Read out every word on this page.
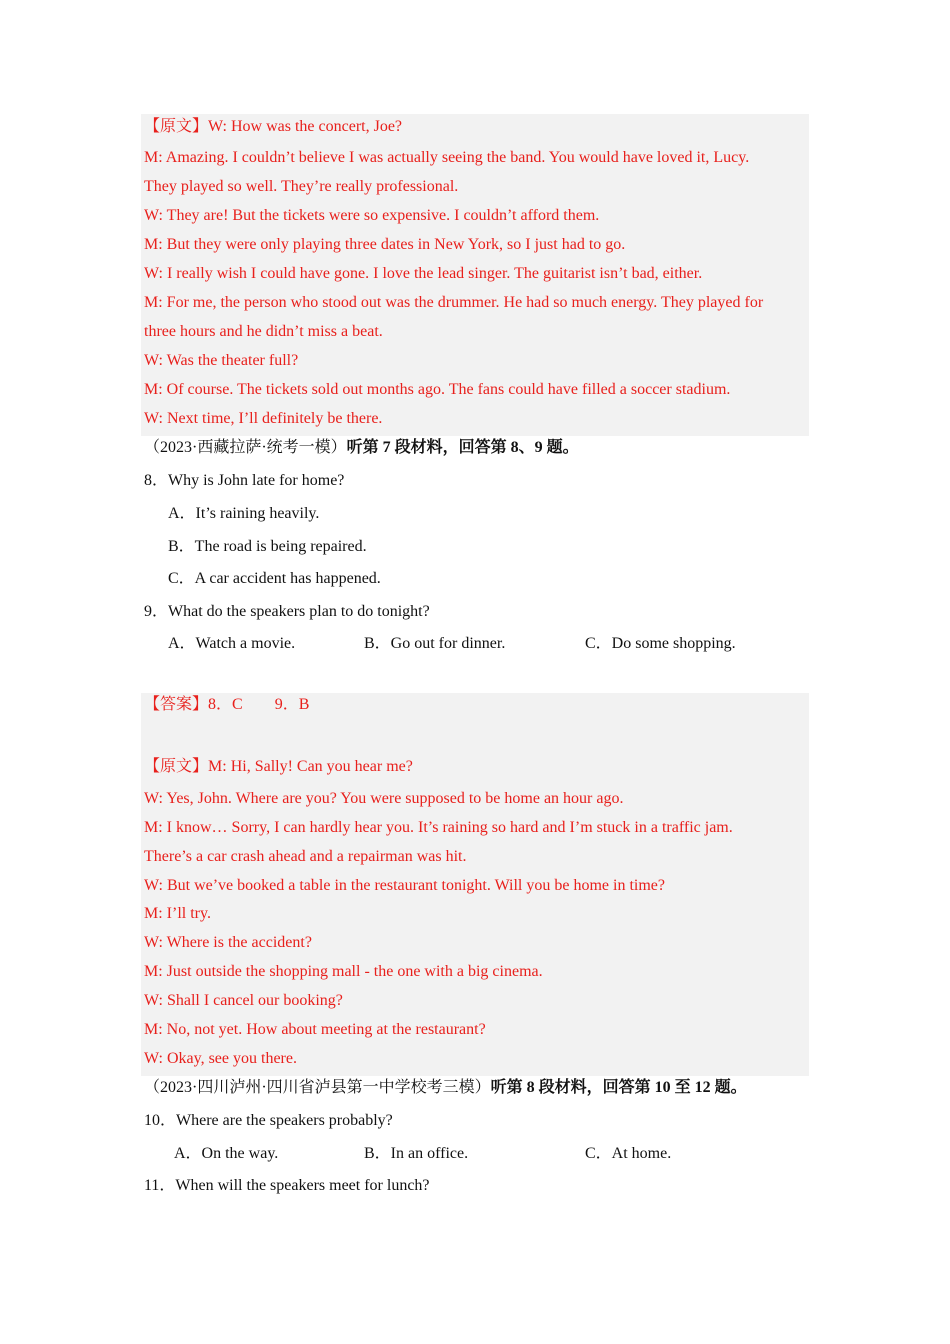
【原文】W: How was the concert, Joe?
M: Amazing. I couldn’t believe I was actually seeing the band. You would have loved it, Lucy.
They played so well. They’re really professional.
W: They are! But the tickets were so expensive. I couldn’t afford them.
M: But they were only playing three dates in New York, so I just had to go.
W: I really wish I could have gone. I love the lead singer. The guitarist isn’t bad, either.
M: For me, the person who stood out was the drummer. He had so much energy. They played for
three hours and he didn’t miss a beat.
W: Was the theater full?
M: Of course. The tickets sold out months ago. The fans could have filled a soccer stadium.
W: Next time, I’ll definitely be there.
（2023·西藏拉萨·统考一模）听第 7 段材料，回答第 8、9 题。
8．Why is John late for home?
A．It’s raining heavily.
B．The road is being repaired.
C．A car accident has happened.
9．What do the speakers plan to do tonight?
A．Watch a movie.	B．Go out for dinner.	C．Do some shopping.
【答案】8．C　　9．B
【原文】M: Hi, Sally! Can you hear me?
W: Yes, John. Where are you? You were supposed to be home an hour ago.
M: I know… Sorry, I can hardly hear you. It’s raining so hard and I’m stuck in a traffic jam.
There’s a car crash ahead and a repairman was hit.
W: But we’ve booked a table in the restaurant tonight. Will you be home in time?
M: I’ll try.
W: Where is the accident?
M: Just outside the shopping mall - the one with a big cinema.
W: Shall I cancel our booking?
M: No, not yet. How about meeting at the restaurant?
W: Okay, see you there.
（2023·四川泸州·四川省泸县第一中学校考三模）听第 8 段材料，回答第 10 至 12 题。
10．Where are the speakers probably?
A．On the way.	B．In an office.	C．At home.
11．When will the speakers meet for lunch?
